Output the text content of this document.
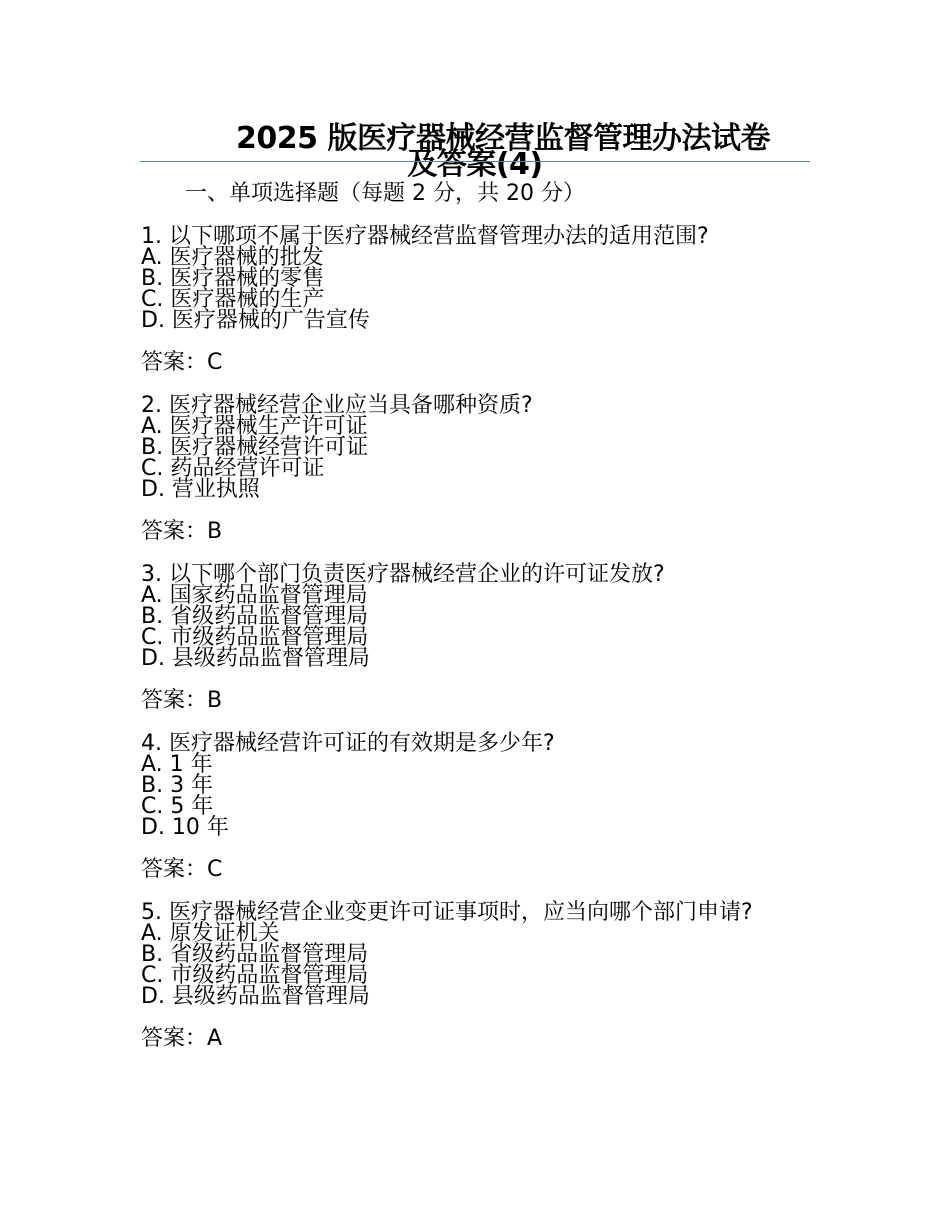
2025 版医疗器械经营监督管理办法试卷
及答案(4)
一、单项选择题（每题 2 分，共 20 分）

1. 以下哪项不属于医疗器械经营监督管理办法的适用范围?

A. 医疗器械的批发

B. 医疗器械的零售

C. 医疗器械的生产

D. 医疗器械的广告宣传

答案：C

2. 医疗器械经营企业应当具备哪种资质?

A. 医疗器械生产许可证

B. 医疗器械经营许可证

C. 药品经营许可证

D. 营业执照

答案：B

3. 以下哪个部门负责医疗器械经营企业的许可证发放?

A. 国家药品监督管理局

B. 省级药品监督管理局

C. 市级药品监督管理局

D. 县级药品监督管理局

答案：B

4. 医疗器械经营许可证的有效期是多少年?

A. 1 年

B. 3 年

C. 5 年

D. 10 年

答案：C

5. 医疗器械经营企业变更许可证事项时，应当向哪个部门申请?

A. 原发证机关

B. 省级药品监督管理局

C. 市级药品监督管理局

D. 县级药品监督管理局

答案：A
